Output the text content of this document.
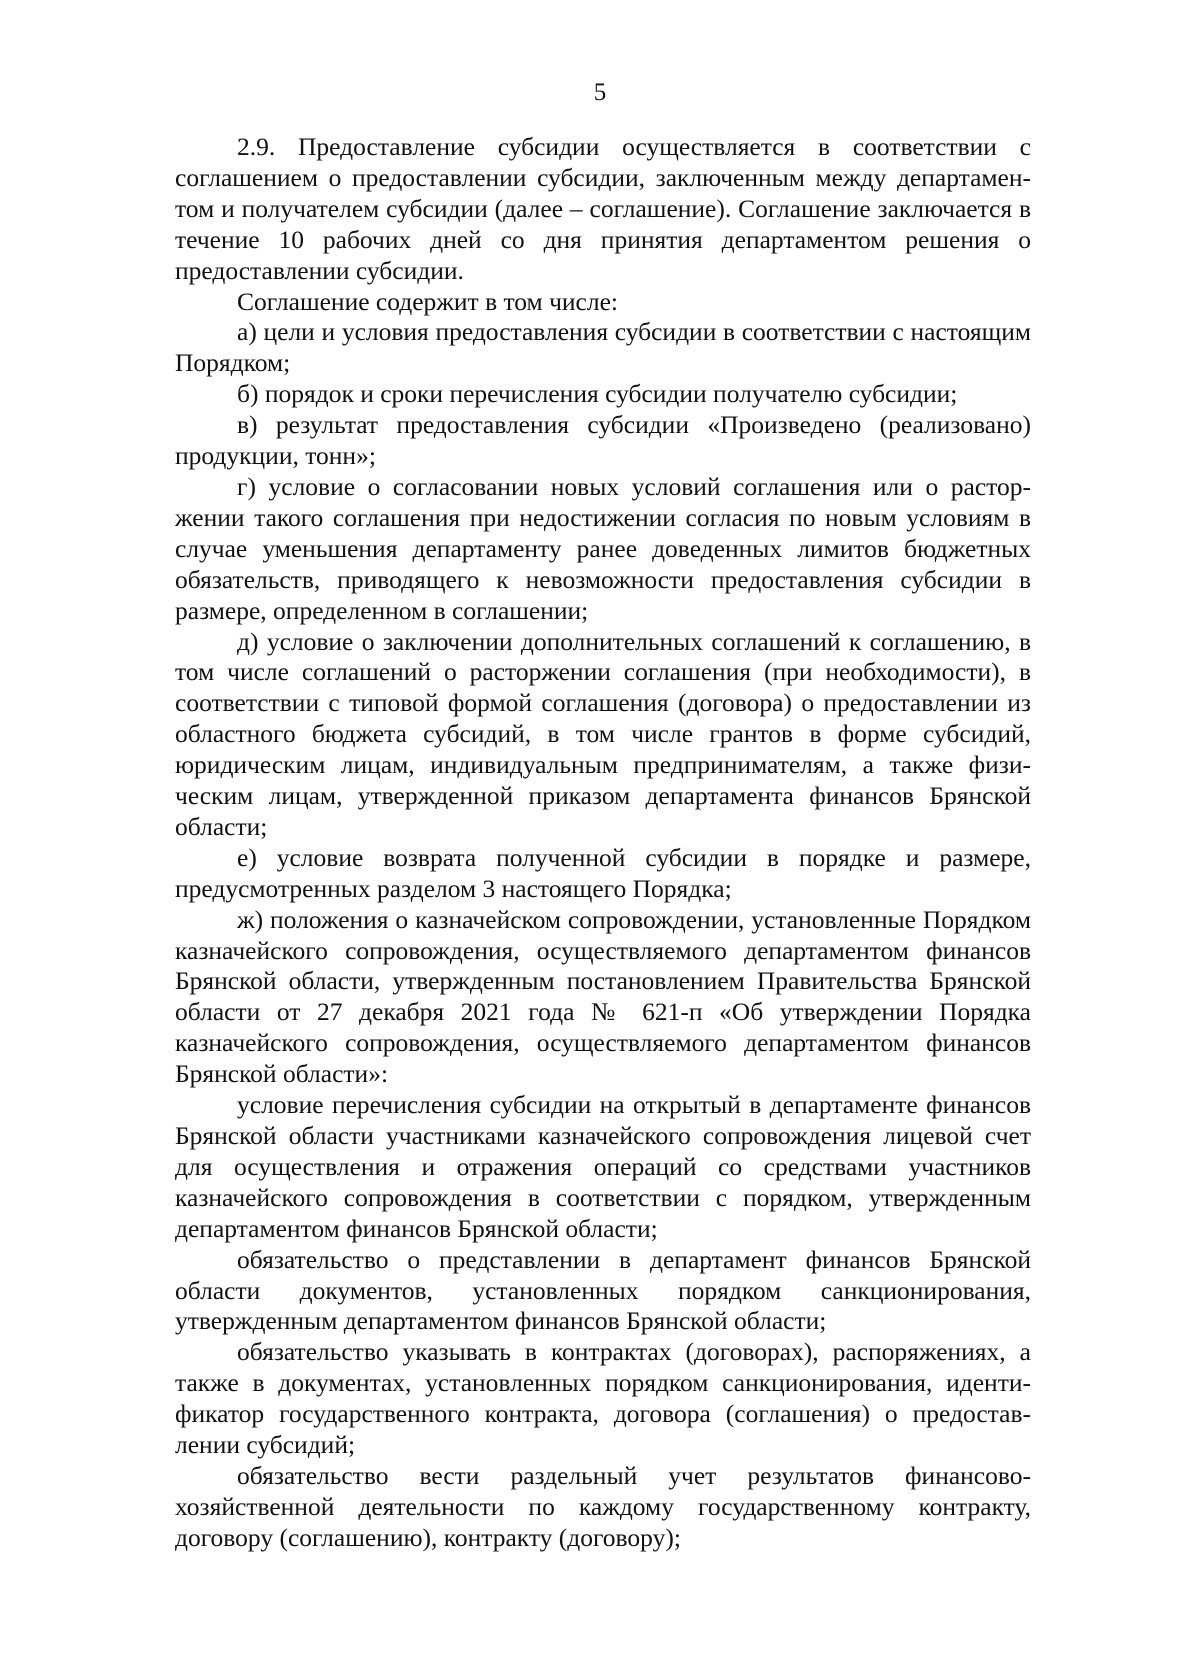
5

2.9. Предоставление субсидии осуществляется в соответствии с соглашением о предоставлении субсидии, заключенным между департаментом и получателем субсидии (далее – соглашение). Соглашение заключается в течение 10 рабочих дней со дня принятия департаментом решения о предоставлении субсидии.

Соглашение содержит в том числе:

а) цели и условия предоставления субсидии в соответствии с настоящим Порядком;

б) порядок и сроки перечисления субсидии получателю субсидии;

в) результат предоставления субсидии «Произведено (реализовано) продукции, тонн»;

г) условие о согласовании новых условий соглашения или о расторжении такого соглашения при недостижении согласия по новым условиям в случае уменьшения департаменту ранее доведенных лимитов бюджетных обязательств, приводящего к невозможности предоставления субсидии в размере, определенном в соглашении;

д) условие о заключении дополнительных соглашений к соглашению, в том числе соглашений о расторжении соглашения (при необходимости), в соответствии с типовой формой соглашения (договора) о предоставлении из областного бюджета субсидий, в том числе грантов в форме субсидий, юридическим лицам, индивидуальным предпринимателям, а также физическим лицам, утвержденной приказом департамента финансов Брянской области;

е) условие возврата полученной субсидии в порядке и размере, предусмотренных разделом 3 настоящего Порядка;

ж) положения о казначейском сопровождении, установленные Порядком казначейского сопровождения, осуществляемого департаментом финансов Брянской области, утвержденным постановлением Правительства Брянской области от 27 декабря 2021 года № 621-п «Об утверждении Порядка казначейского сопровождения, осуществляемого департаментом финансов Брянской области»:

условие перечисления субсидии на открытый в департаменте финансов Брянской области участниками казначейского сопровождения лицевой счет для осуществления и отражения операций со средствами участников казначейского сопровождения в соответствии с порядком, утвержденным департаментом финансов Брянской области;

обязательство о представлении в департамент финансов Брянской области документов, установленных порядком санкционирования, утвержденным департаментом финансов Брянской области;

обязательство указывать в контрактах (договорах), распоряжениях, а также в документах, установленных порядком санкционирования, идентификатор государственного контракта, договора (соглашения) о предоставлении субсидий;

обязательство вести раздельный учет результатов финансово-хозяйственной деятельности по каждому государственному контракту, договору (соглашению), контракту (договору);
